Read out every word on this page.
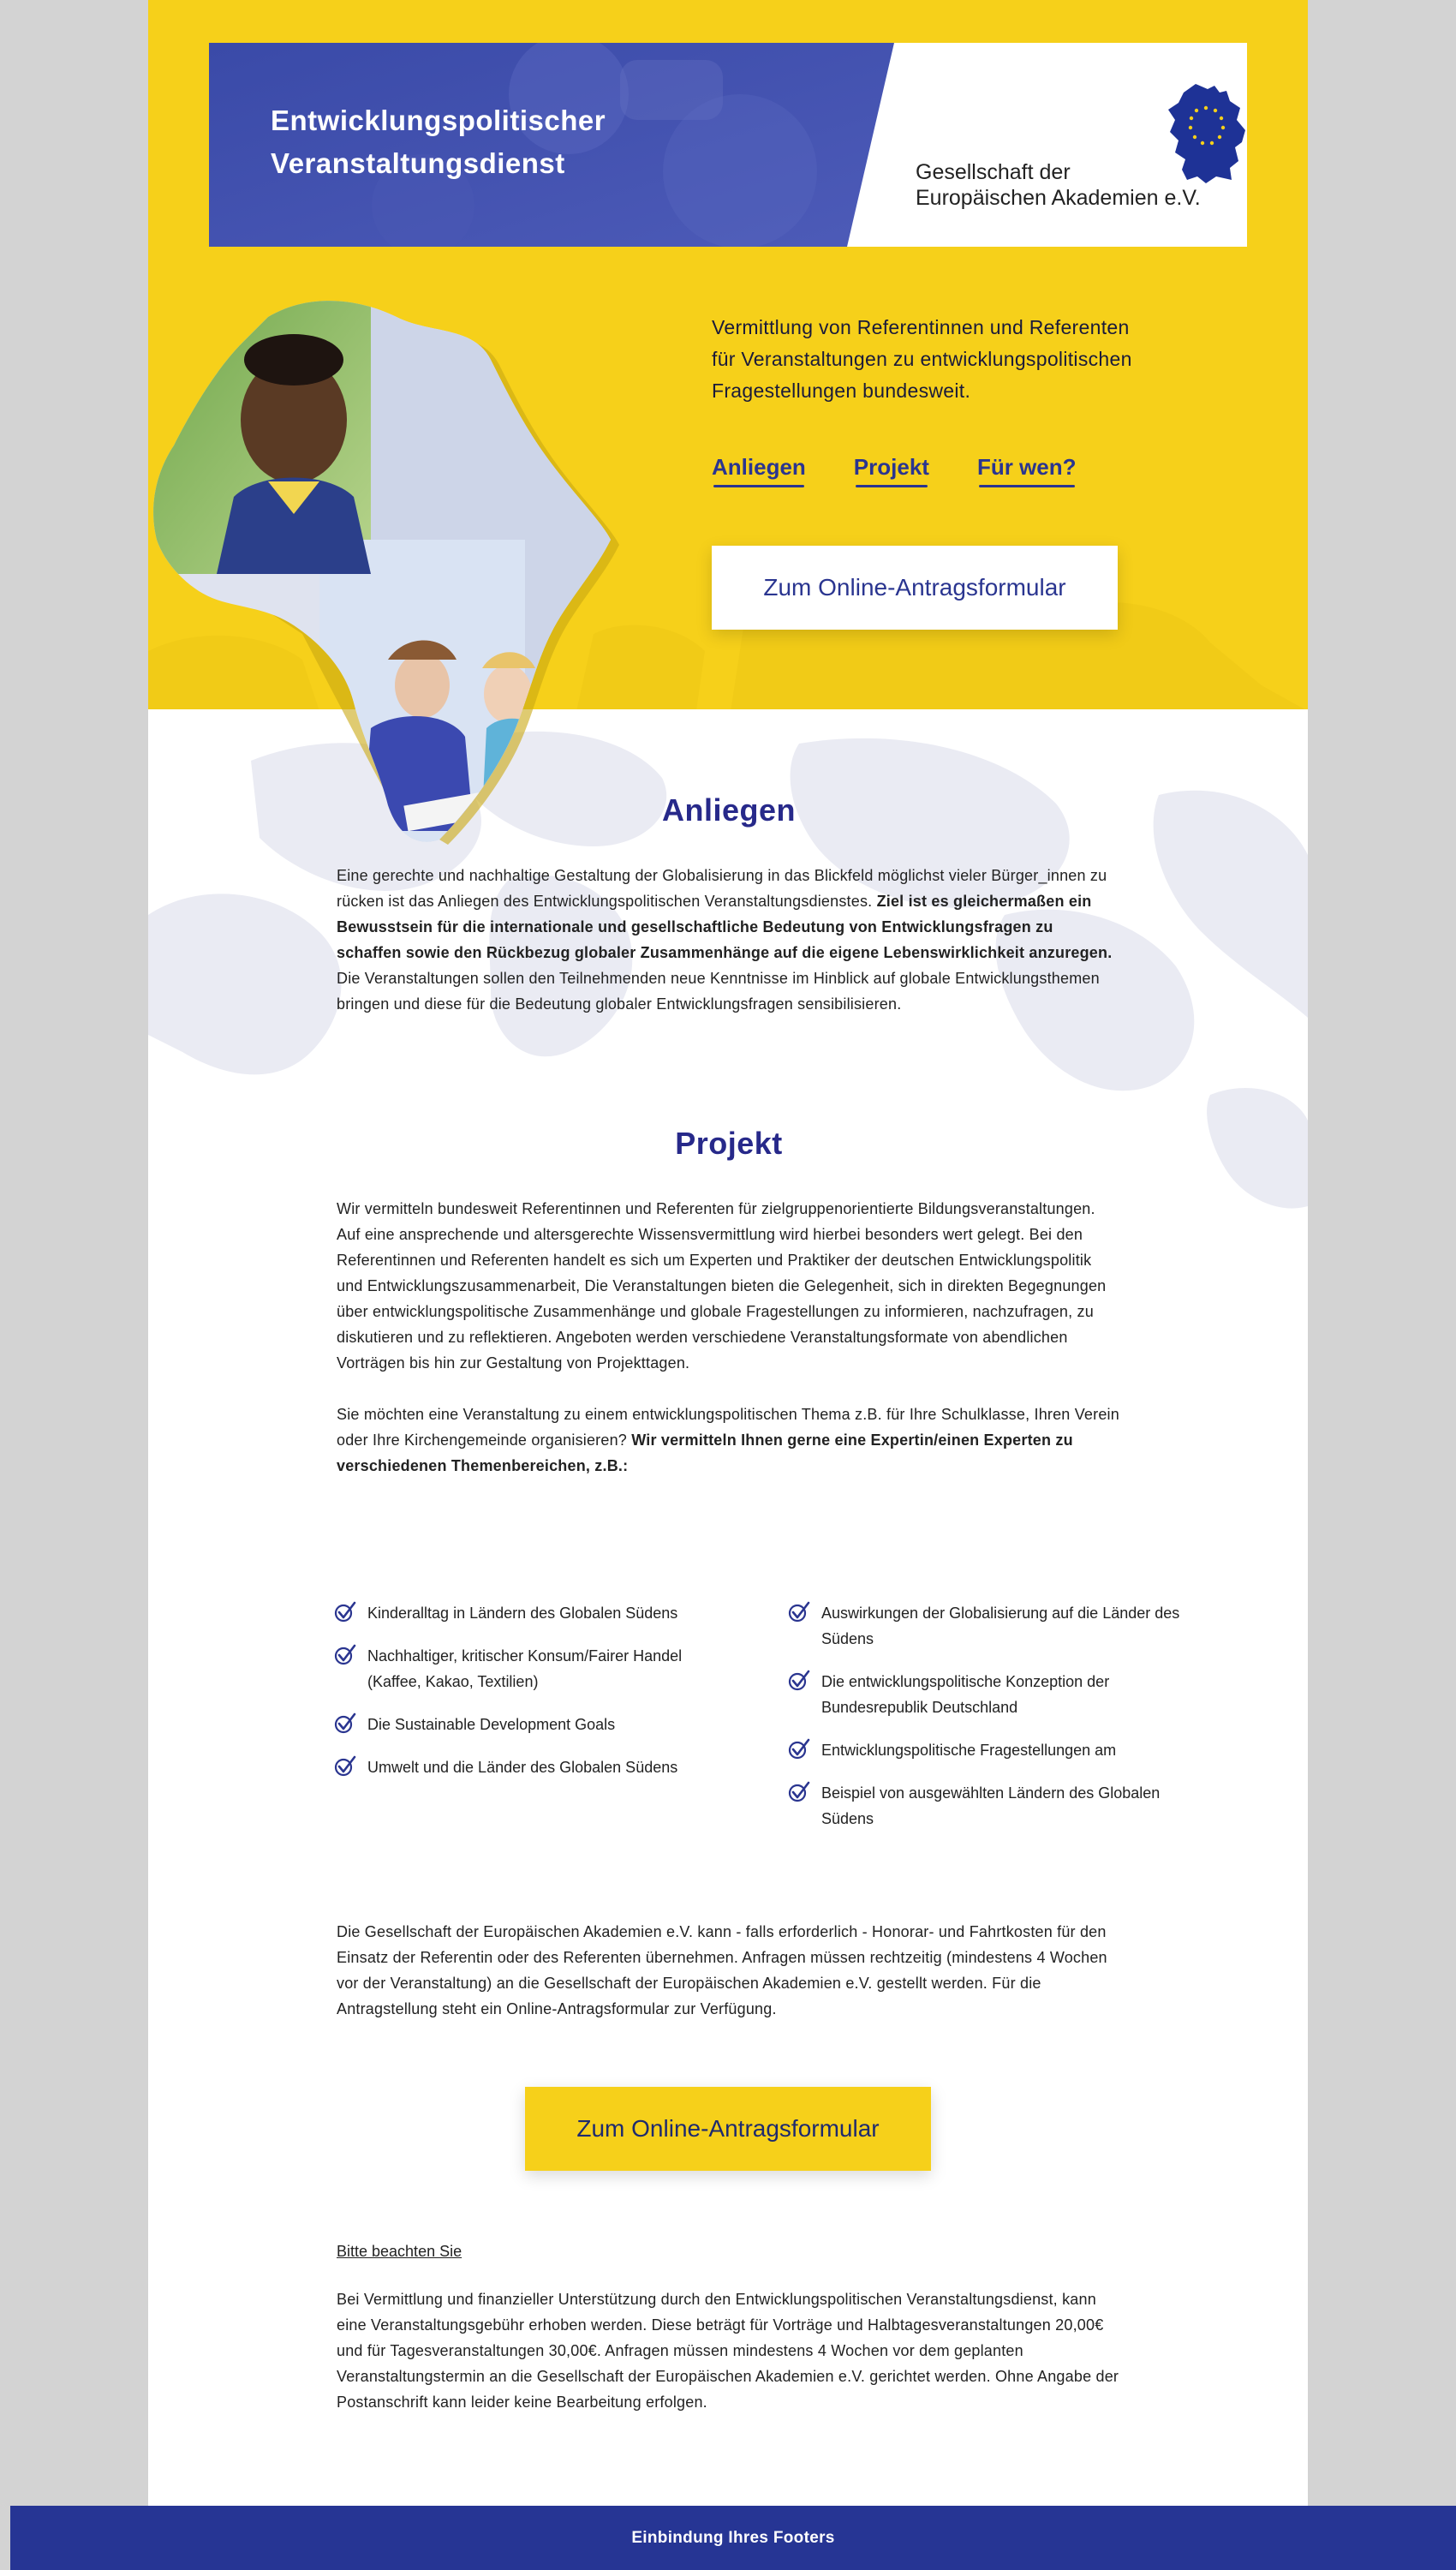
Entwicklungspolitischer
Veranstaltungsdienst	Gesellschaft der
Europäischen Akademien e.V.
Vermittlung von Referentinnen und Referenten
für Veranstaltungen zu entwicklungspolitischen
Fragestellungen bundesweit.
Anliegen Projekt Für wen?
Zum Online-Antragsformular
Anliegen

Eine gerechte und nachhaltige Gestaltung der Globalisierung in das Blickfeld möglichst vieler Bürger_innen zu rücken ist das Anliegen des Entwicklungspolitischen Veranstaltungsdienstes. Ziel ist es gleichermaßen ein Bewusstsein für die internationale und gesellschaftliche Bedeutung von Entwicklungsfragen zu schaffen sowie den Rückbezug globaler Zusammenhänge auf die eigene Lebenswirklichkeit anzuregen. Die Veranstaltungen sollen den Teilnehmenden neue Kenntnisse im Hinblick auf globale Entwicklungsthemen bringen und diese für die Bedeutung globaler Entwicklungsfragen sensibilisieren.

Projekt

Wir vermitteln bundesweit Referentinnen und Referenten für zielgruppenorientierte Bildungsveranstaltungen. Auf eine ansprechende und altersgerechte Wissensvermittlung wird hierbei besonders wert gelegt. Bei den Referentinnen und Referenten handelt es sich um Experten und Praktiker der deutschen Entwicklungspolitik und Entwicklungszusammenarbeit, Die Veranstaltungen bieten die Gelegenheit, sich in direkten Begegnungen über entwicklungspolitische Zusammenhänge und globale Fragestellungen zu informieren, nachzufragen, zu diskutieren und zu reflektieren. Angeboten werden verschiedene Veranstaltungsformate von abendlichen Vorträgen bis hin zur Gestaltung von Projekttagen.

Sie möchten eine Veranstaltung zu einem entwicklungspolitischen Thema z.B. für Ihre Schulklasse, Ihren Verein oder Ihre Kirchengemeinde organisieren? Wir vermitteln Ihnen gerne eine Expertin/einen Experten zu verschiedenen Themenbereichen, z.B.:

Kinderalltag in Ländern des Globalen Südens
Nachhaltiger, kritischer Konsum/Fairer Handel (Kaffee, Kakao, Textilien)
Die Sustainable Development Goals
Umwelt und die Länder des Globalen Südens
Auswirkungen der Globalisierung auf die Länder des Südens
Die entwicklungspolitische Konzeption der Bundesrepublik Deutschland
Entwicklungspolitische Fragestellungen am
Beispiel von ausgewählten Ländern des Globalen Südens

Die Gesellschaft der Europäischen Akademien e.V. kann - falls erforderlich - Honorar- und Fahrtkosten für den Einsatz der Referentin oder des Referenten übernehmen. Anfragen müssen rechtzeitig (mindestens 4 Wochen vor der Veranstaltung) an die Gesellschaft der Europäischen Akademien e.V. gestellt werden. Für die Antragstellung steht ein Online-Antragsformular zur Verfügung.

Zum Online-Antragsformular

Bitte beachten Sie

Bei Vermittlung und finanzieller Unterstützung durch den Entwicklungspolitischen Veranstaltungsdienst, kann eine Veranstaltungsgebühr erhoben werden. Diese beträgt für Vorträge und Halbtagesveranstaltungen 20,00€ und für Tagesveranstaltungen 30,00€. Anfragen müssen mindestens 4 Wochen vor dem geplanten Veranstaltungstermin an die Gesellschaft der Europäischen Akademien e.V. gerichtet werden. Ohne Angabe der Postanschrift kann leider keine Bearbeitung erfolgen.

Einbindung Ihres Footers
